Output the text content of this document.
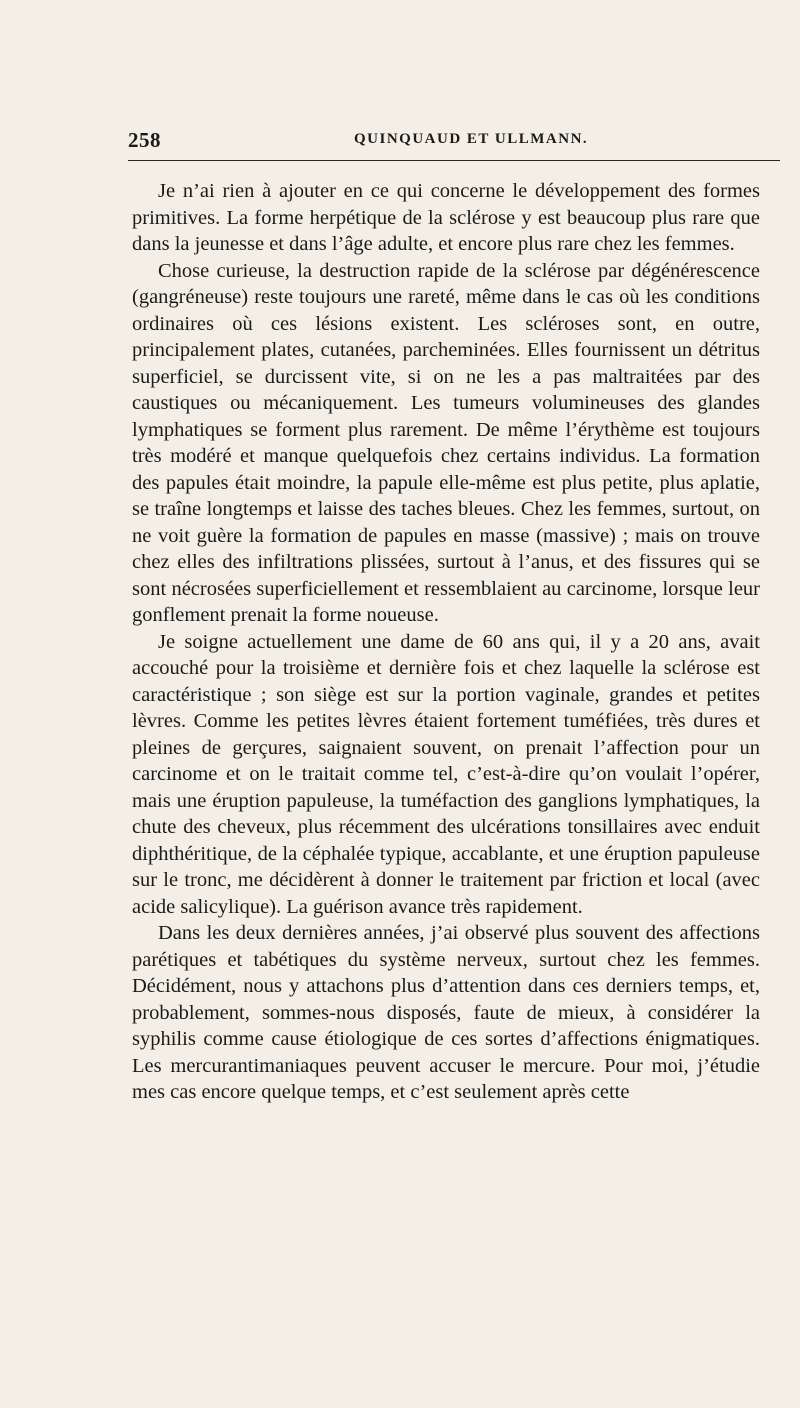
258	QUINQUAUD ET ULLMANN.

Je n’ai rien à ajouter en ce qui concerne le développement des formes primitives. La forme herpétique de la sclérose y est beaucoup plus rare que dans la jeunesse et dans l’âge adulte, et encore plus rare chez les femmes.

Chose curieuse, la destruction rapide de la sclérose par dégénérescence (gangréneuse) reste toujours une rareté, même dans le cas où les conditions ordinaires où ces lésions existent. Les scléroses sont, en outre, principalement plates, cutanées, parcheminées. Elles fournissent un détritus superficiel, se durcissent vite, si on ne les a pas maltraitées par des caustiques ou mécaniquement. Les tumeurs volumineuses des glandes lymphatiques se forment plus rarement. De même l’érythème est toujours très modéré et manque quelquefois chez certains individus. La formation des papules était moindre, la papule elle-même est plus petite, plus aplatie, se traîne longtemps et laisse des taches bleues. Chez les femmes, surtout, on ne voit guère la formation de papules en masse (massive) ; mais on trouve chez elles des infiltrations plissées, surtout à l’anus, et des fissures qui se sont nécrosées superficiellement et ressemblaient au carcinome, lorsque leur gonflement prenait la forme noueuse.

Je soigne actuellement une dame de 60 ans qui, il y a 20 ans, avait accouché pour la troisième et dernière fois et chez laquelle la sclérose est caractéristique ; son siège est sur la portion vaginale, grandes et petites lèvres. Comme les petites lèvres étaient fortement tuméfiées, très dures et pleines de gerçures, saignaient souvent, on prenait l’affection pour un carcinome et on le traitait comme tel, c’est-à-dire qu’on voulait l’opérer, mais une éruption papuleuse, la tuméfaction des ganglions lymphatiques, la chute des cheveux, plus récemment des ulcérations tonsillaires avec enduit diphthéritique, de la céphalée typique, accablante, et une éruption papuleuse sur le tronc, me décidèrent à donner le traitement par friction et local (avec acide salicylique). La guérison avance très rapidement.

Dans les deux dernières années, j’ai observé plus souvent des affections parétiques et tabétiques du système nerveux, surtout chez les femmes. Décidément, nous y attachons plus d’attention dans ces derniers temps, et, probablement, sommes-nous disposés, faute de mieux, à considérer la syphilis comme cause étiologique de ces sortes d’affections énigmatiques. Les mercurantimaniaques peuvent accuser le mercure. Pour moi, j’étudie mes cas encore quelque temps, et c’est seulement après cette
